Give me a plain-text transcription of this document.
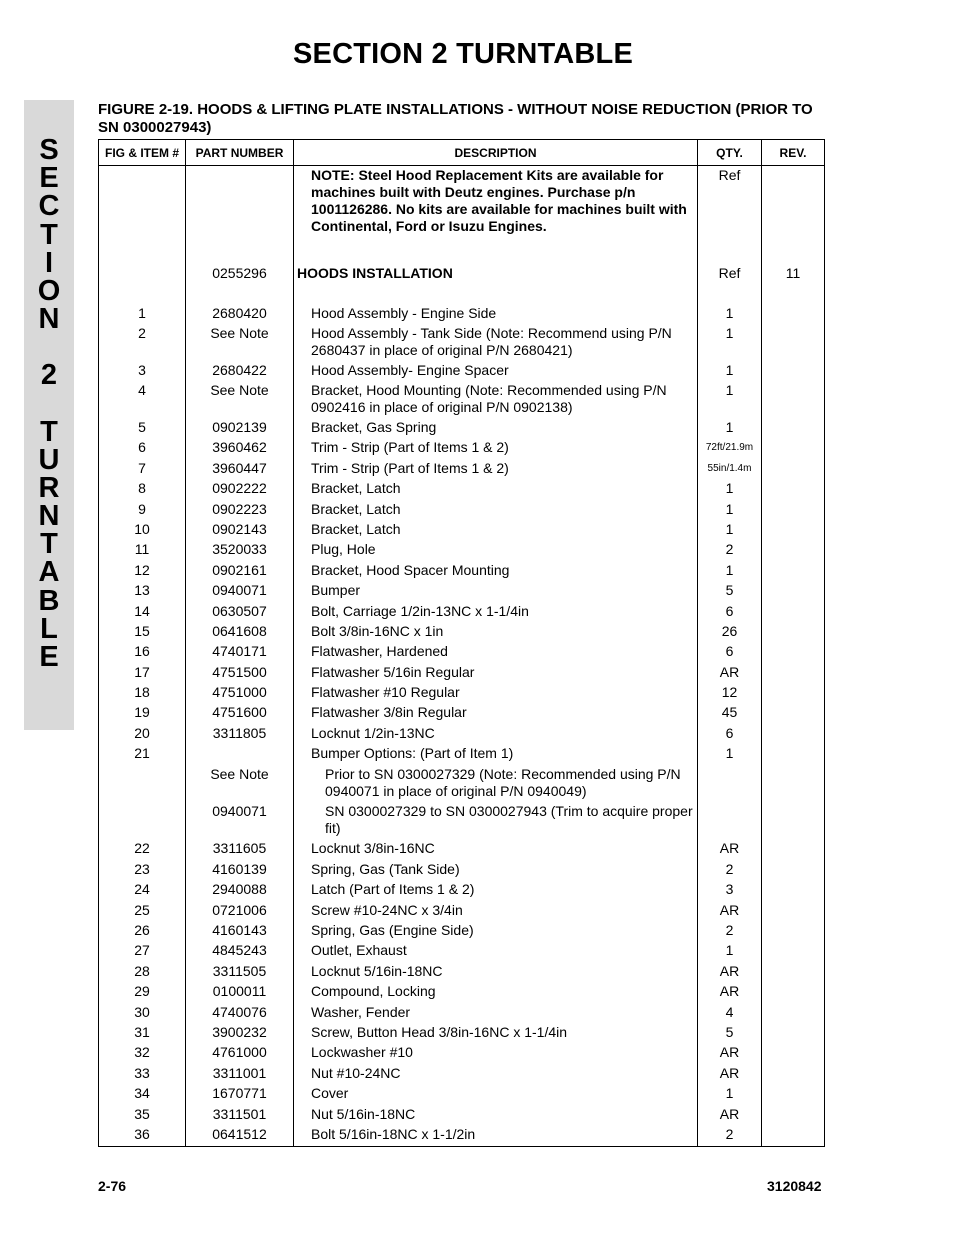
SECTION 2 TURNTABLE
S
E
C
T
I
O
N
2
T
U
R
N
T
A
B
L
E
FIGURE 2-19. HOODS & LIFTING PLATE INSTALLATIONS - WITHOUT NOISE REDUCTION (PRIOR TO SN 0300027943)
FIG & ITEM #	PART NUMBER	DESCRIPTION	QTY.	REV.
		NOTE: Steel Hood Replacement Kits are available for machines built with Deutz engines. Purchase p/n 1001126286. No kits are available for machines built with Continental, Ford or Isuzu Engines.	Ref	
	0255296	HOODS INSTALLATION	Ref	11
1	2680420	Hood Assembly - Engine Side	1	
2	See Note	Hood Assembly - Tank Side (Note: Recommend using P/N 2680437 in place of original P/N 2680421)	1	
3	2680422	Hood Assembly- Engine Spacer	1	
4	See Note	Bracket, Hood Mounting (Note: Recommended using P/N 0902416 in place of original P/N 0902138)	1	
5	0902139	Bracket, Gas Spring	1	
6	3960462	Trim - Strip (Part of Items 1 & 2)	72ft/21.9m	
7	3960447	Trim - Strip (Part of Items 1 & 2)	55in/1.4m	
8	0902222	Bracket, Latch	1	
9	0902223	Bracket, Latch	1	
10	0902143	Bracket, Latch	1	
11	3520033	Plug, Hole	2	
12	0902161	Bracket, Hood Spacer Mounting	1	
13	0940071	Bumper	5	
14	0630507	Bolt, Carriage 1/2in-13NC x 1-1/4in	6	
15	0641608	Bolt 3/8in-16NC x 1in	26	
16	4740171	Flatwasher, Hardened	6	
17	4751500	Flatwasher 5/16in Regular	AR	
18	4751000	Flatwasher #10 Regular	12	
19	4751600	Flatwasher 3/8in Regular	45	
20	3311805	Locknut 1/2in-13NC	6	
21		Bumper Options: (Part of Item 1)	1	
	See Note	Prior to SN 0300027329 (Note: Recommended using P/N 0940071 in place of original P/N 0940049)		
	0940071	SN 0300027329 to SN 0300027943 (Trim to acquire proper fit)		
22	3311605	Locknut 3/8in-16NC	AR	
23	4160139	Spring, Gas (Tank Side)	2	
24	2940088	Latch (Part of Items 1 & 2)	3	
25	0721006	Screw #10-24NC x 3/4in	AR	
26	4160143	Spring, Gas (Engine Side)	2	
27	4845243	Outlet, Exhaust	1	
28	3311505	Locknut 5/16in-18NC	AR	
29	0100011	Compound, Locking	AR	
30	4740076	Washer, Fender	4	
31	3900232	Screw, Button Head 3/8in-16NC x 1-1/4in	5	
32	4761000	Lockwasher #10	AR	
33	3311001	Nut #10-24NC	AR	
34	1670771	Cover	1	
35	3311501	Nut 5/16in-18NC	AR	
36	0641512	Bolt 5/16in-18NC x 1-1/2in	2	
2-76	3120842
